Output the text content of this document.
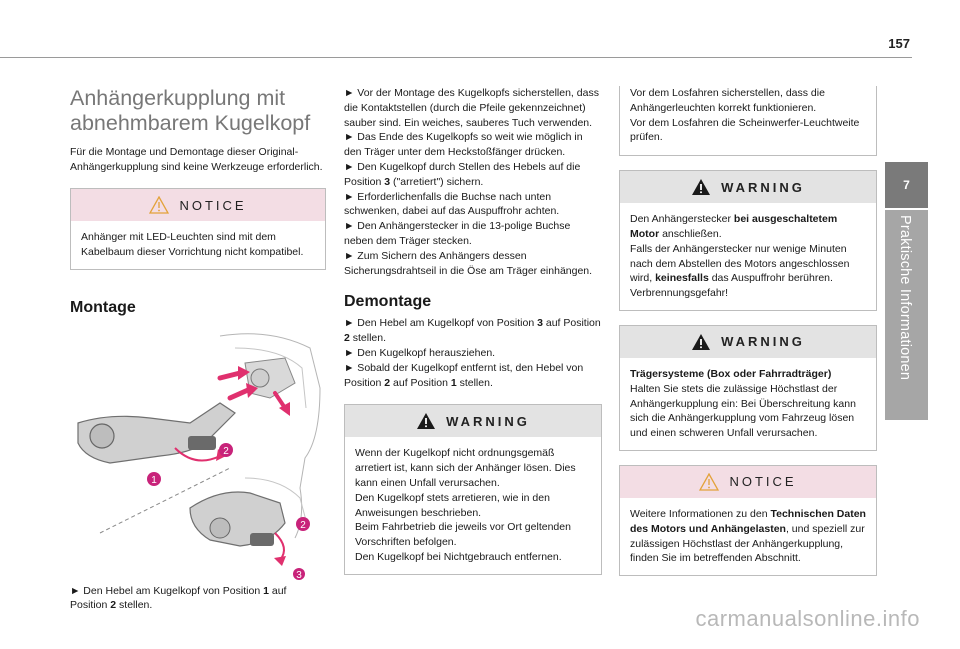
157
7
Praktische Informationen
Anhängerkupplung mit
abnehmbarem Kugelkopf

Für die Montage und Demontage dieser Original-Anhängerkupplung sind keine Werkzeuge erforderlich.

NOTICE
Anhänger mit LED-Leuchten sind mit dem Kabelbaum dieser Vorrichtung nicht kompatibel.
Montage
1
2
2
3

► Den Hebel am Kugelkopf von Position 1 auf Position 2 stellen.

► Vor der Montage des Kugelkopfs sicherstellen, dass die Kontaktstellen (durch die Pfeile gekennzeichnet) sauber sind. Ein weiches, sauberes Tuch verwenden.
► Das Ende des Kugelkopfs so weit wie möglich in den Träger unter dem Heckstoßfänger drücken.
► Den Kugelkopf durch Stellen des Hebels auf die Position 3 ("arretiert") sichern.
► Erforderlichenfalls die Buchse nach unten schwenken, dabei auf das Auspuffrohr achten.
► Den Anhängerstecker in die 13-polige Buchse neben dem Träger stecken.
► Zum Sichern des Anhängers dessen Sicherungsdrahtseil in die Öse am Träger einhängen.

Demontage

► Den Hebel am Kugelkopf von Position 3 auf Position 2 stellen.
► Den Kugelkopf herausziehen.
► Sobald der Kugelkopf entfernt ist, den Hebel von Position 2 auf Position 1 stellen.

WARNING
Wenn der Kugelkopf nicht ordnungsgemäß arretiert ist, kann sich der Anhänger lösen. Dies kann einen Unfall verursachen.
Den Kugelkopf stets arretieren, wie in den Anweisungen beschrieben.
Beim Fahrbetrieb die jeweils vor Ort geltenden Vorschriften befolgen.
Den Kugelkopf bei Nichtgebrauch entfernen.

Vor dem Losfahren sicherstellen, dass die Anhängerleuchten korrekt funktionieren.
Vor dem Losfahren die Scheinwerfer-Leuchtweite prüfen.

WARNING
Den Anhängerstecker bei ausgeschaltetem Motor anschließen.
Falls der Anhängerstecker nur wenige Minuten nach dem Abstellen des Motors angeschlossen wird, keinesfalls das Auspuffrohr berühren. Verbrennungsgefahr!
WARNING
Trägersysteme (Box oder Fahrradträger)
Halten Sie stets die zulässige Höchstlast der Anhängerkupplung ein: Bei Überschreitung kann sich die Anhängerkupplung vom Fahrzeug lösen und einen schweren Unfall verursachen.
NOTICE
Weitere Informationen zu den Technischen Daten des Motors und Anhängelasten, und speziell zur zulässigen Höchstlast der Anhängerkupplung, finden Sie im betreffenden Abschnitt.
carmanualsonline.info
